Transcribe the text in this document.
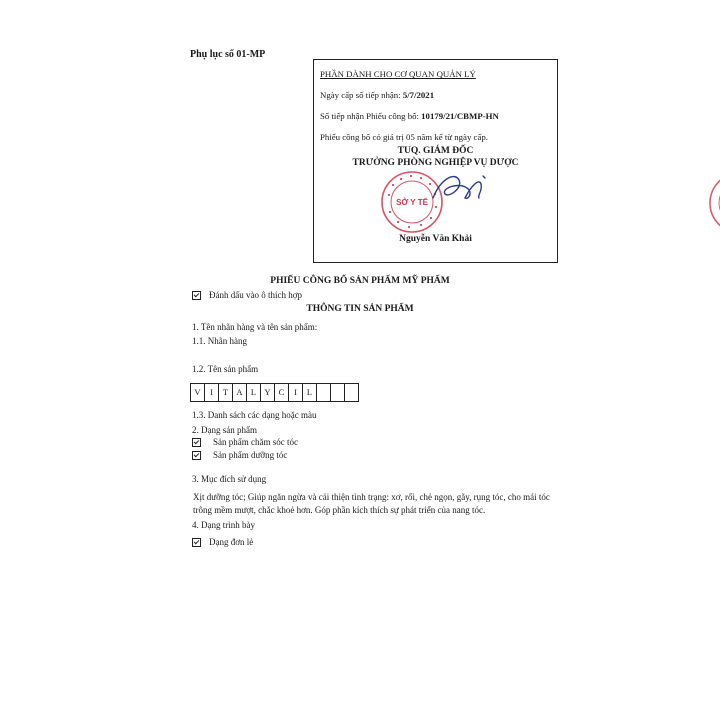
Phụ lục số 01-MP
PHẦN DÀNH CHO CƠ QUAN QUẢN LÝ
Ngày cấp số tiếp nhận: 5/7/2021
Số tiếp nhận Phiếu công bố: 10179/21/CBMP-HN
Phiếu công bố có giá trị 05 năm kể từ ngày cấp.
TUQ. GIÁM ĐỐC
TRƯỞNG PHÒNG NGHIỆP VỤ DƯỢC
SỞ Y TẾ
Nguyễn Văn Khải
PHIẾU CÔNG BỐ SẢN PHẨM MỸ PHẨM
Đánh dấu vào ô thích hợp
THÔNG TIN SẢN PHẨM
1. Tên nhãn hàng và tên sản phẩm:
1.1. Nhãn hàng
1.2. Tên sản phẩm
V	I	T A L Y C	I	L
1.3. Danh sách các dạng hoặc màu
2. Dạng sản phẩm
Sản phẩm chăm sóc tóc
Sản phẩm dưỡng tóc
3. Mục đích sử dụng
Xịt dưỡng tóc; Giúp ngăn ngừa và cải thiện tình trạng: xơ, rối, chẻ ngọn, gãy, rụng tóc, cho mái tóc trông mềm mượt, chắc khoẻ hơn. Góp phần kích thích sự phát triển của nang tóc.
4. Dạng trình bày
Dạng đơn lẻ
